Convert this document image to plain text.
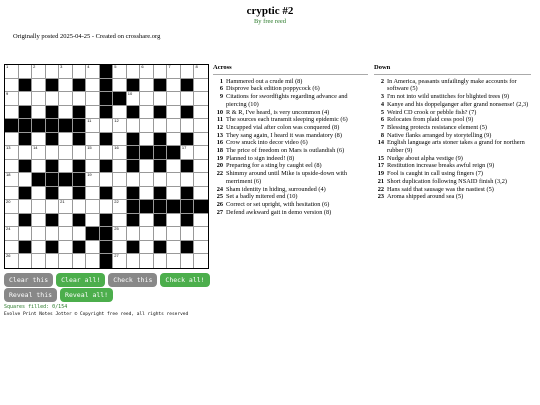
cryptic #2
By free reed
Originally posted 2025-04-25 - Created on crosshare.org
1	2	3	4	5	6	7	8
9	10
11	12
13	14	15	16	17
18	19
20	21	22	23
24	25
26	27
Across
1 Hammered out a crude mil (8)
6 Disprove back edition poppycock (6)
9 Citations for swordfights regarding advance and piercing (10)
10 R & R, I've heard, is very uncommon (4)
11 The sources each transmit sleeping epidemic (6)
12 Uncapped vial after colon was conquered (8)
13 They sang again, I heard it was mandatory (8)
16 Crow snuck into decor video (6)
18 The price of freedom on Mars is outlandish (6)
19 Planned to sign indeed! (8)
20 Preparing for a sting by caught eel (8)
22 Shimmy around until Mike is upside-down with merriment (6)
24 Sham identity in hiding, surrounded (4)
25 Set a badly mitered end (10)
26 Correct or set upright, with hesitation (6)
27 Defend awkward gait in demo version (8)
Down
2 In America, peasants unfailingly make accounts for software (5)
3 I'm not into wild unstitches for blighted trees (9)
4 Kanye and his doppelganger after grand nonsense! (2,3)
5 Weird CD crook or pebble fish? (7)
6 Relocates from plaid cess pool (9)
7 Blessing protects resistance element (5)
8 Native flanks arranged by storytelling (9)
14 English language arts stoner takes a grand for northern rubber (9)
15 Nudge about alpha vestige (9)
17 Restitution increase breaks awful reign (9)
19 Fool is caught in call using fingers (7)
21 Short duplication following NSAID finish (3,2)
22 Hans said that sausage was the nastiest (5)
23 Aroma shipped around sea (5)
Clear this	Clear all!	Check this	Check all!
Reveal this	Reveal all!
Squares filled: 0/154
Evolve Print Notes Jotter © Copyright free reed, all rights reserved
